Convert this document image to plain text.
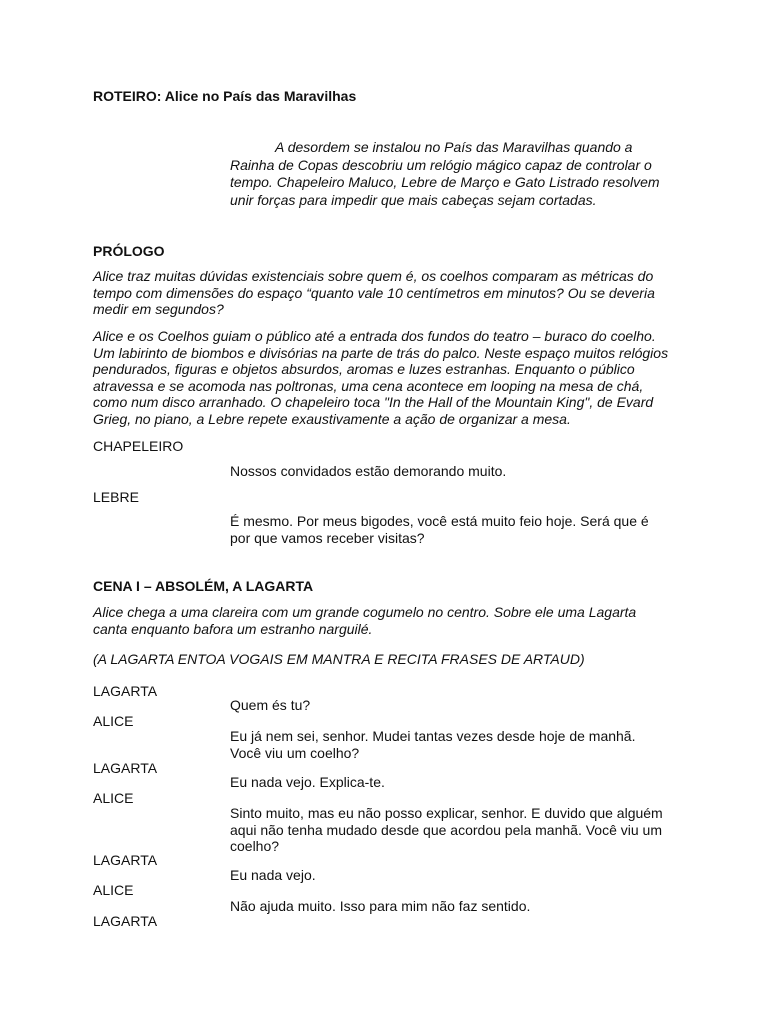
ROTEIRO: Alice no País das Maravilhas
A desordem se instalou no País das Maravilhas quando a
Rainha de Copas descobriu um relógio mágico capaz de controlar o
tempo. Chapeleiro Maluco, Lebre de Março e Gato Listrado resolvem
unir forças para impedir que mais cabeças sejam cortadas.
PRÓLOGO
Alice traz muitas dúvidas existenciais sobre quem é, os coelhos comparam as métricas do
tempo com dimensões do espaço “quanto vale 10 centímetros em minutos? Ou se deveria
medir em segundos?
Alice e os Coelhos guiam o público até a entrada dos fundos do teatro – buraco do coelho.
Um labirinto de biombos e divisórias na parte de trás do palco. Neste espaço muitos relógios
pendurados, figuras e objetos absurdos, aromas e luzes estranhas. Enquanto o público
atravessa e se acomoda nas poltronas, uma cena acontece em looping na mesa de chá,
como num disco arranhado. O chapeleiro toca "In the Hall of the Mountain King", de Evard
Grieg, no piano, a Lebre repete exaustivamente a ação de organizar a mesa.
CHAPELEIRO
Nossos convidados estão demorando muito.
LEBRE
É mesmo. Por meus bigodes, você está muito feio hoje. Será que é
por que vamos receber visitas?
CENA I – ABSOLÉM, A LAGARTA
Alice chega a uma clareira com um grande cogumelo no centro. Sobre ele uma Lagarta
canta enquanto bafora um estranho narguilé.
(A LAGARTA ENTOA VOGAIS EM MANTRA E RECITA FRASES DE ARTAUD)
LAGARTA
Quem és tu?
ALICE
Eu já nem sei, senhor. Mudei tantas vezes desde hoje de manhã.
Você viu um coelho?
LAGARTA
Eu nada vejo. Explica-te.
ALICE
Sinto muito, mas eu não posso explicar, senhor. E duvido que alguém
aqui não tenha mudado desde que acordou pela manhã. Você viu um
coelho?
LAGARTA
Eu nada vejo.
ALICE
Não ajuda muito. Isso para mim não faz sentido.
LAGARTA
